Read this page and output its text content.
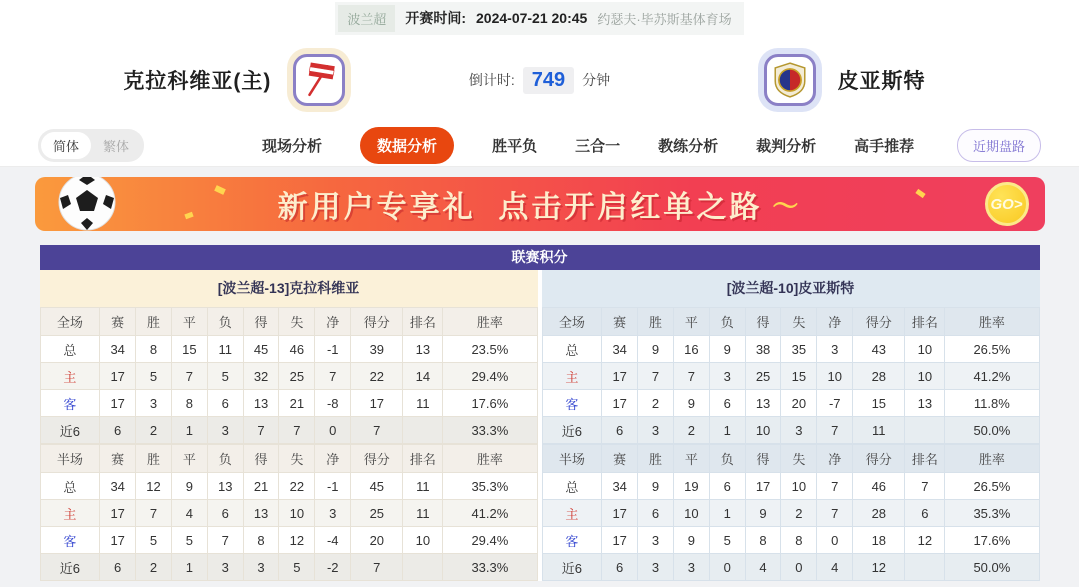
波兰超	开赛时间: 2024-07-21 20:45 约瑟夫·毕苏斯基体育场
克拉科维亚(主)	倒计时: 749	分钟	皮亚斯特
简体	繁体	现场分析	数据分析	胜平负	三合一	教练分析	裁判分析	高手推荐	近期盘路
新用户专享礼  点击开启红单之路 ～	GO>
联赛积分
[波兰超-13]克拉科维亚
全场	赛	胜	平	负	得	失	净	得分	排名	胜率
总	34	8	15	11	45	46	-1	39	13	23.5%
主	17	5	7	5	32	25	7	22	14	29.4%
客	17	3	8	6	13	21	-8	17	11	17.6%
近6	6	2	1	3	7	7	0	7		33.3%
半场	赛	胜	平	负	得	失	净	得分	排名	胜率
总	34	12	9	13	21	22	-1	45	11	35.3%
主	17	7	4	6	13	10	3	25	11	41.2%
客	17	5	5	7	8	12	-4	20	10	29.4%
近6	6	2	1	3	3	5	-2	7		33.3%
[波兰超-10]皮亚斯特
全场	赛	胜	平	负	得	失	净	得分	排名	胜率
总	34	9	16	9	38	35	3	43	10	26.5%
主	17	7	7	3	25	15	10	28	10	41.2%
客	17	2	9	6	13	20	-7	15	13	11.8%
近6	6	3	2	1	10	3	7	11		50.0%
半场	赛	胜	平	负	得	失	净	得分	排名	胜率
总	34	9	19	6	17	10	7	46	7	26.5%
主	17	6	10	1	9	2	7	28	6	35.3%
客	17	3	9	5	8	8	0	18	12	17.6%
近6	6	3	3	0	4	0	4	12		50.0%
